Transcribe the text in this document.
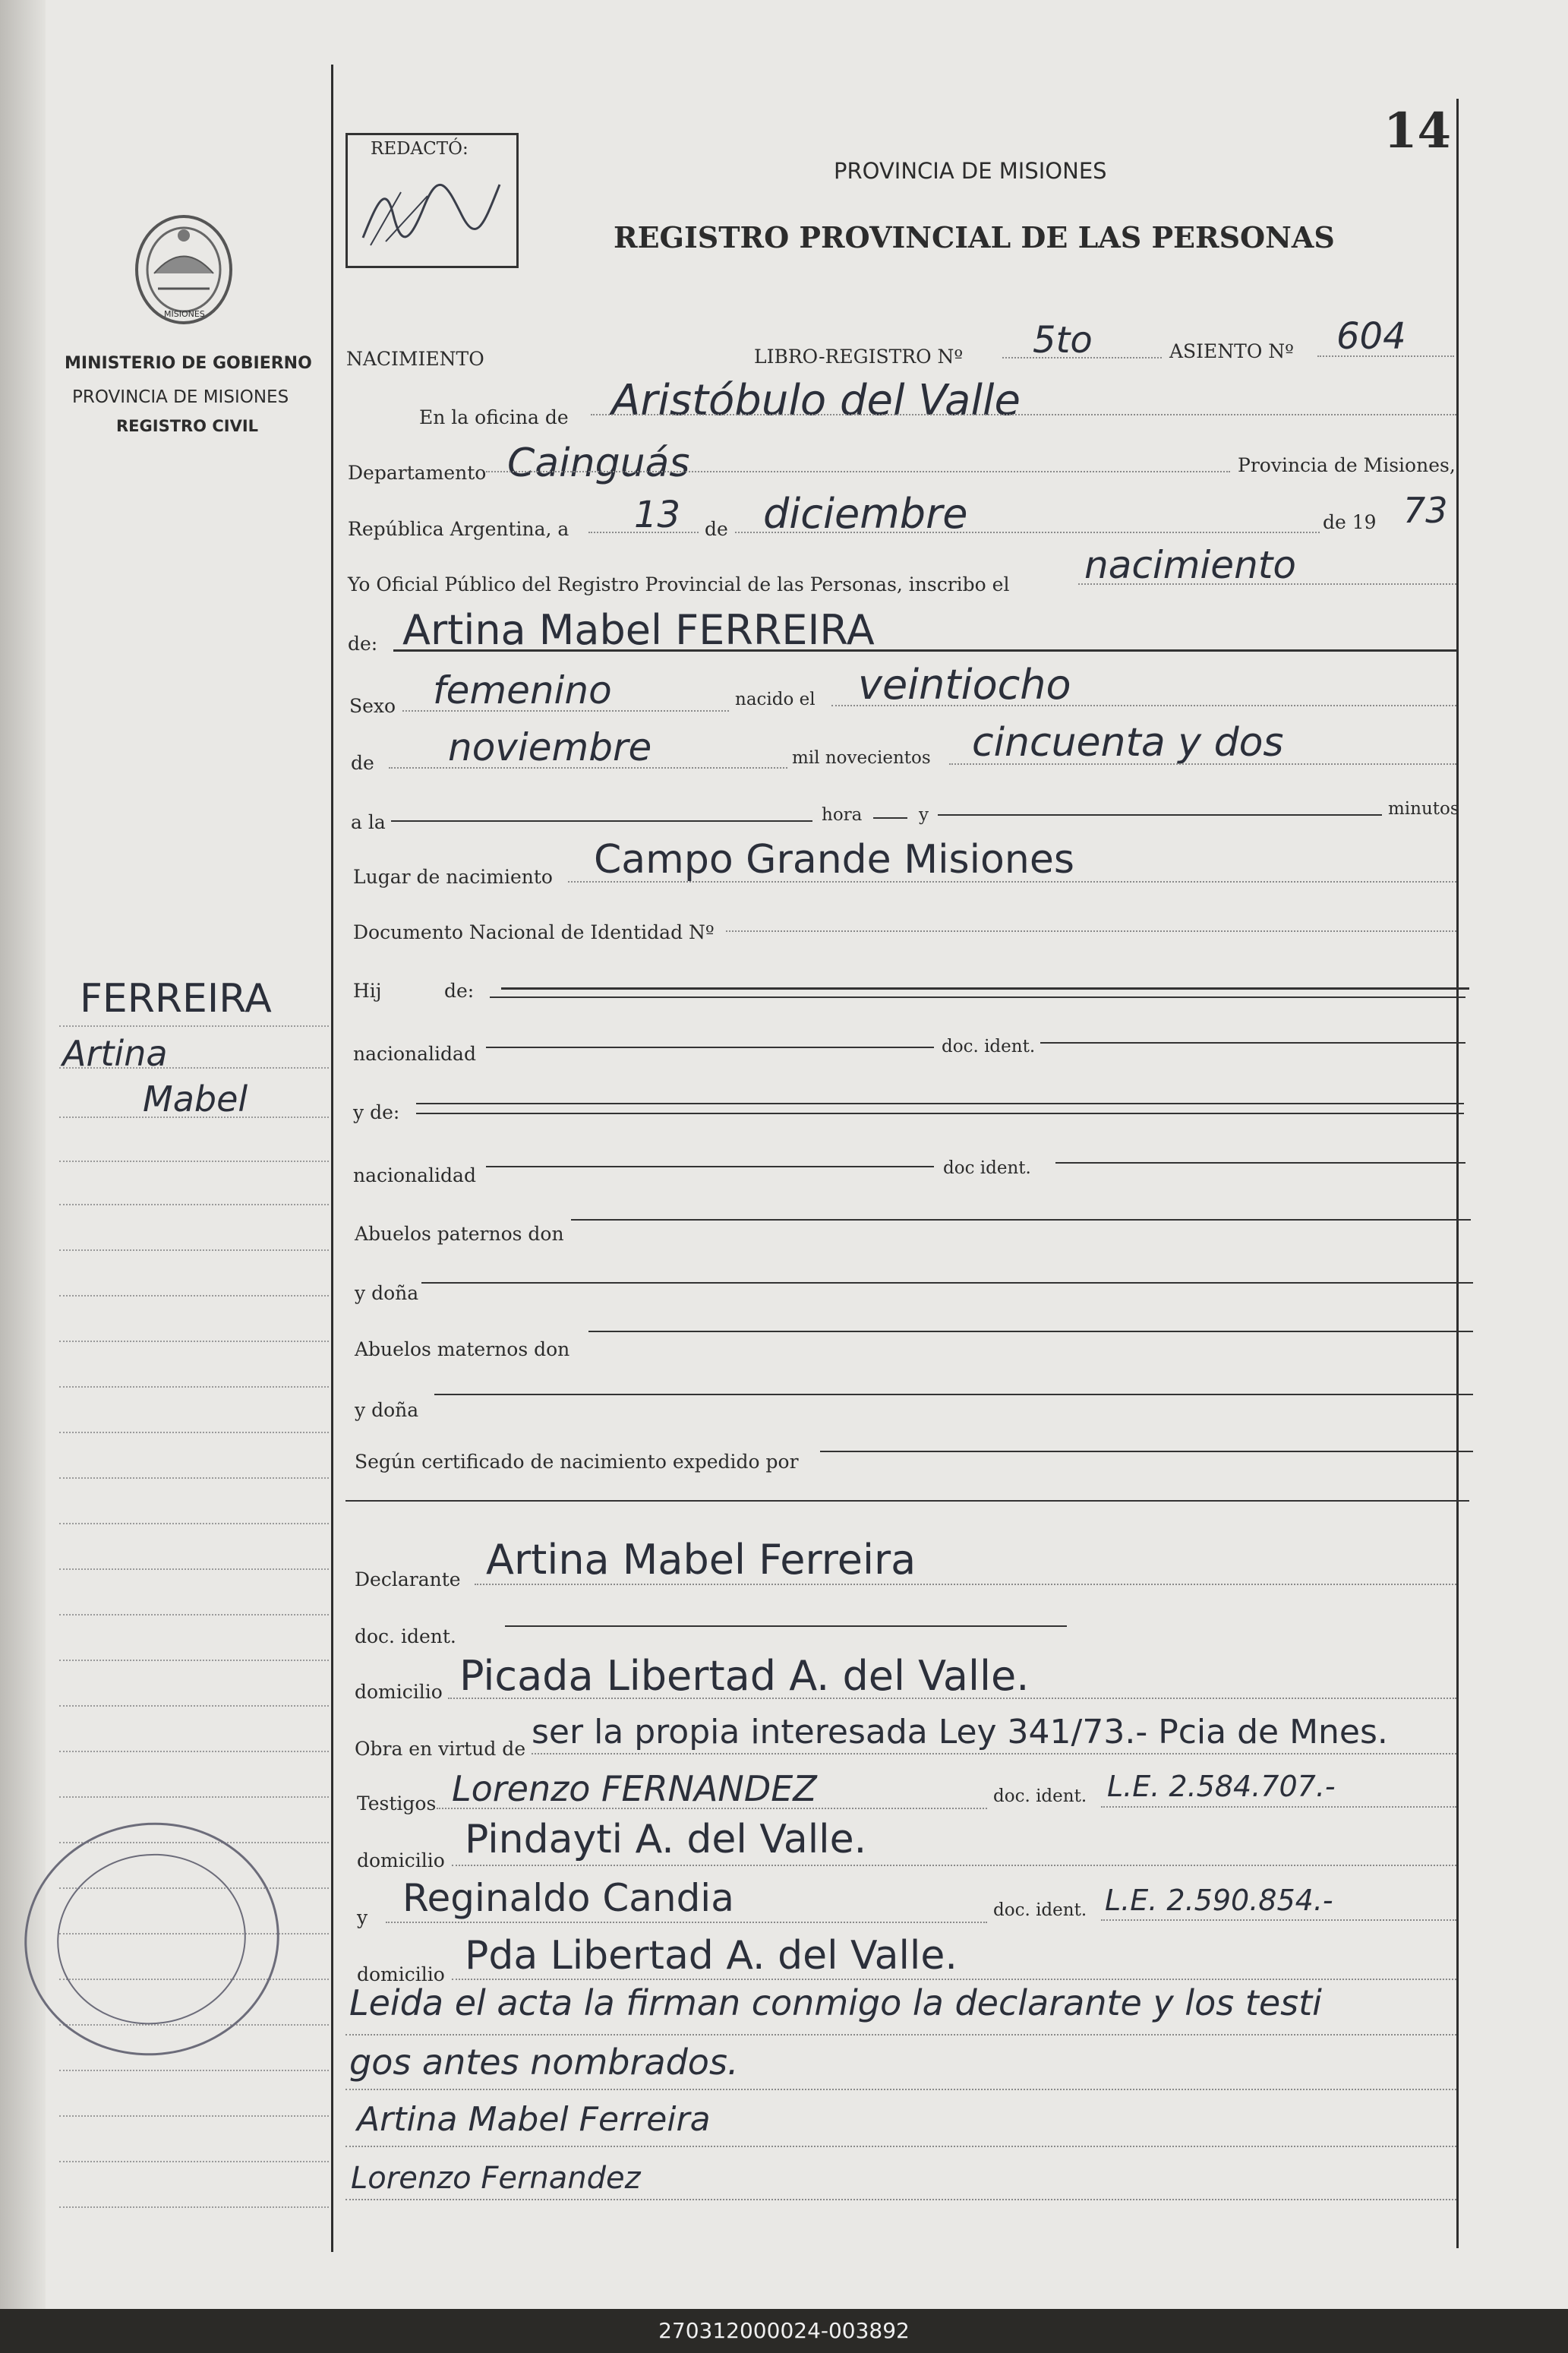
14
REDACTÓ:
PROVINCIA DE MISIONES
REGISTRO PROVINCIAL DE LAS PERSONAS
MISIONES
MINISTERIO DE GOBIERNO
PROVINCIA DE MISIONES
REGISTRO CIVIL
FERREIRA
Artina
Mabel
NACIMIENTO	LIBRO-REGISTRO Nº 5to	ASIENTO Nº 604
En la oficina de Aristóbulo del Valle
Departamento Cainguás	Provincia de Misiones,
República Argentina, a 13 de diciembre	de 19 73
Yo Oficial Público del Registro Provincial de las Personas, inscribo el nacimiento
de: Artina Mabel FERREIRA
Sexo femenino	nacido el veintiocho
de noviembre	mil novecientos cincuenta y dos
a la	hora	y	minutos
Lugar de nacimiento Campo Grande Misiones
Documento Nacional de Identidad Nº
Hij	de:
nacionalidad	doc. ident.
y de:
nacionalidad	doc ident.
Abuelos paternos don
y doña
Abuelos maternos don
y doña
Según certificado de nacimiento expedido por
Declarante Artina Mabel Ferreira
doc. ident.
domicilio Picada Libertad A. del Valle.
Obra en virtud de ser la propia interesada Ley 341/73.- Pcia de Mnes.
Testigos Lorenzo FERNANDEZ	doc. ident. L.E. 2.584.707.-
domicilio Pindayti A. del Valle.
y Reginaldo Candia	doc. ident. L.E. 2.590.854.-
domicilio Pda Libertad A. del Valle.
Leida el acta la firman conmigo la declarante y los testi
gos antes nombrados.
Artina Mabel Ferreira
Lorenzo Fernandez
270312000024-003892
